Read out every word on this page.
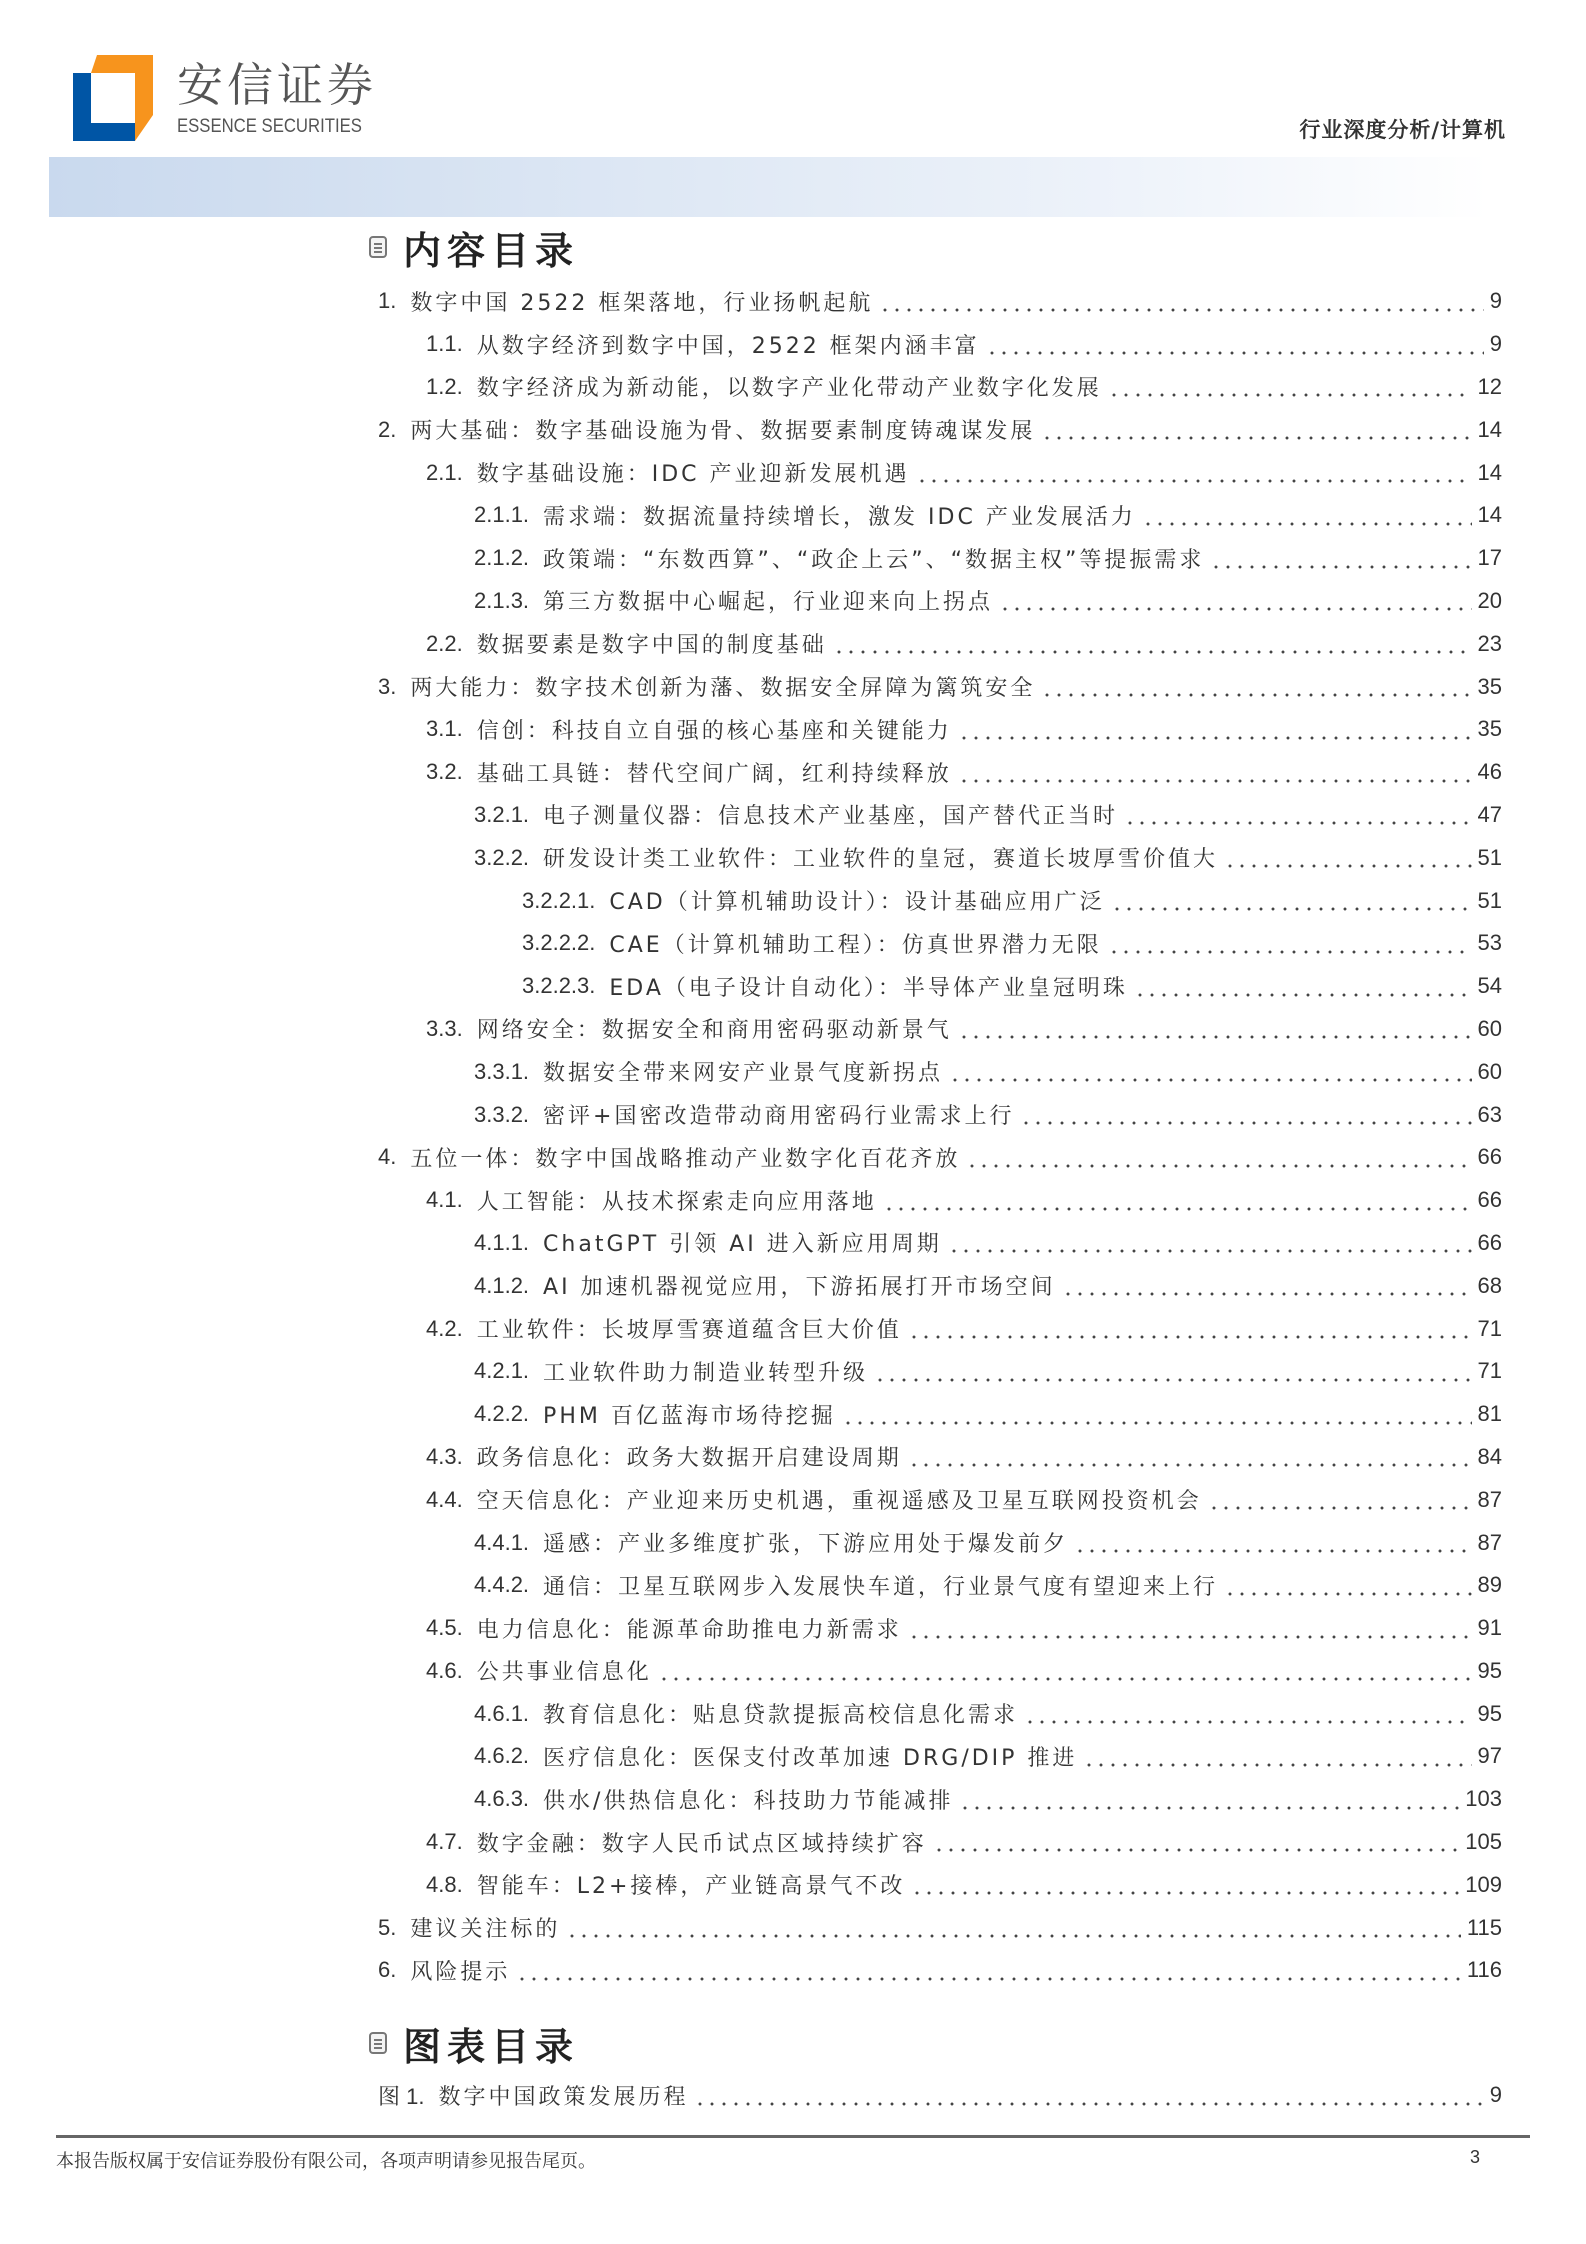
安信证券
ESSENCE SECURITIES	行业深度分析/计算机
内容目录
1. 数字中国 2522 框架落地，行业扬帆起航	9
1.1. 从数字经济到数字中国，2522 框架内涵丰富	9
1.2. 数字经济成为新动能，以数字产业化带动产业数字化发展	12
2. 两大基础：数字基础设施为骨、数据要素制度铸魂谋发展	14
2.1. 数字基础设施：IDC 产业迎新发展机遇	14
2.1.1. 需求端：数据流量持续增长，激发 IDC 产业发展活力	14
2.1.2. 政策端：“东数西算”、“政企上云”、“数据主权”等提振需求	17
2.1.3. 第三方数据中心崛起，行业迎来向上拐点	20
2.2. 数据要素是数字中国的制度基础	23
3. 两大能力：数字技术创新为藩、数据安全屏障为篱筑安全	35
3.1. 信创：科技自立自强的核心基座和关键能力	35
3.2. 基础工具链：替代空间广阔，红利持续释放	46
3.2.1. 电子测量仪器：信息技术产业基座，国产替代正当时	47
3.2.2. 研发设计类工业软件：工业软件的皇冠，赛道长坡厚雪价值大	51
3.2.2.1. CAD（计算机辅助设计）：设计基础应用广泛	51
3.2.2.2. CAE（计算机辅助工程）：仿真世界潜力无限	53
3.2.2.3. EDA（电子设计自动化）：半导体产业皇冠明珠	54
3.3. 网络安全：数据安全和商用密码驱动新景气	60
3.3.1. 数据安全带来网安产业景气度新拐点	60
3.3.2. 密评+国密改造带动商用密码行业需求上行	63
4. 五位一体：数字中国战略推动产业数字化百花齐放	66
4.1. 人工智能：从技术探索走向应用落地	66
4.1.1. ChatGPT 引领 AI 进入新应用周期	66
4.1.2. AI 加速机器视觉应用，下游拓展打开市场空间	68
4.2. 工业软件：长坡厚雪赛道蕴含巨大价值	71
4.2.1. 工业软件助力制造业转型升级	71
4.2.2. PHM 百亿蓝海市场待挖掘	81
4.3. 政务信息化：政务大数据开启建设周期	84
4.4. 空天信息化：产业迎来历史机遇，重视遥感及卫星互联网投资机会	87
4.4.1. 遥感：产业多维度扩张，下游应用处于爆发前夕	87
4.4.2. 通信：卫星互联网步入发展快车道，行业景气度有望迎来上行	89
4.5. 电力信息化：能源革命助推电力新需求	91
4.6. 公共事业信息化	95
4.6.1. 教育信息化：贴息贷款提振高校信息化需求	95
4.6.2. 医疗信息化：医保支付改革加速 DRG/DIP 推进	97
4.6.3. 供水/供热信息化：科技助力节能减排	103
4.7. 数字金融：数字人民币试点区域持续扩容	105
4.8. 智能车：L2+接棒，产业链高景气不改	109
5. 建议关注标的	115
6. 风险提示	116
图表目录
图 1. 数字中国政策发展历程	9
本报告版权属于安信证券股份有限公司，各项声明请参见报告尾页。	3
